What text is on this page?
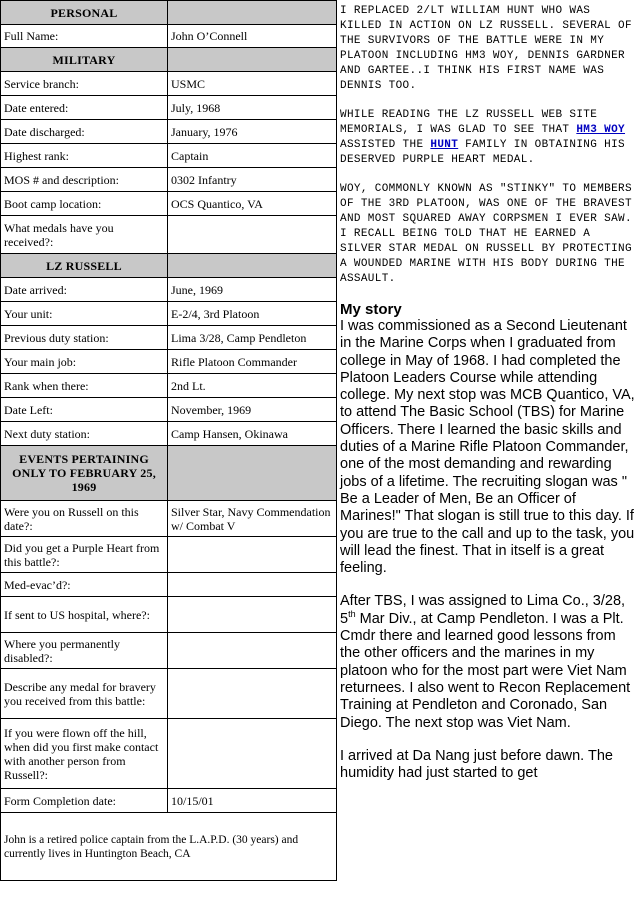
PERSONAL	
Full Name:	John O’Connell
MILITARY	
Service branch:	USMC
Date entered:	July, 1968
Date discharged:	January, 1976
Highest rank:	Captain
MOS # and description:	0302 Infantry
Boot camp location:	OCS Quantico, VA
What medals have you received?:	
LZ RUSSELL	
Date arrived:	June, 1969
Your unit:	E-2/4, 3rd Platoon
Previous duty station:	Lima 3/28, Camp Pendleton
Your main job:	Rifle Platoon Commander
Rank when there:	2nd Lt.
Date Left:	November, 1969
Next duty station:	Camp Hansen, Okinawa
EVENTS PERTAINING ONLY TO FEBRUARY 25, 1969	
Were you on Russell on this date?:	Silver Star, Navy Commendation w/ Combat V
Did you get a Purple Heart from this battle?:	
Med-evac’d?:	
If sent to US hospital, where?:	
Where you permanently disabled?:	
Describe any medal for bravery you received from this battle:	
If you were flown off the hill, when did you first make contact with another person from Russell?:	
Form Completion date:	10/15/01
John is a retired police captain from the L.A.P.D. (30 years) and currently lives in Huntington Beach, CA	

I REPLACED 2/LT WILLIAM HUNT WHO WAS KILLED IN ACTION ON LZ RUSSELL. SEVERAL OF THE SURVIVORS OF THE BATTLE WERE IN MY PLATOON INCLUDING HM3 WOY, DENNIS GARDNER AND GARTEE..I THINK HIS FIRST NAME WAS DENNIS TOO.

WHILE READING THE LZ RUSSELL WEB SITE MEMORIALS, I WAS GLAD TO SEE THAT HM3 WOY ASSISTED THE HUNT FAMILY IN OBTAINING HIS DESERVED PURPLE HEART MEDAL.

WOY, COMMONLY KNOWN AS "STINKY" TO MEMBERS OF THE 3RD PLATOON, WAS ONE OF THE BRAVEST AND MOST SQUARED AWAY CORPSMEN I EVER SAW. I RECALL BEING TOLD THAT HE EARNED A SILVER STAR MEDAL ON RUSSELL BY PROTECTING A WOUNDED MARINE WITH HIS BODY DURING THE ASSAULT.

My story

I was commissioned as a Second Lieutenant in the Marine Corps when I graduated from college in May of 1968. I had completed the Platoon Leaders Course while attending college. My next stop was MCB Quantico, VA, to attend The Basic School (TBS) for Marine Officers. There I learned the basic skills and duties of a Marine Rifle Platoon Commander, one of the most demanding and rewarding jobs of a lifetime. The recruiting slogan was " Be a Leader of Men, Be an Officer of Marines!" That slogan is still true to this day. If you are true to the call and up to the task, you will lead the finest. That in itself is a great feeling.

After TBS, I was assigned to Lima Co., 3/28, 5th Mar Div., at Camp Pendleton. I was a Plt. Cmdr there and learned good lessons from the other officers and the marines in my platoon who for the most part were Viet Nam returnees. I also went to Recon Replacement Training at Pendleton and Coronado, San Diego. The next stop was Viet Nam.

I arrived at Da Nang just before dawn. The humidity had just started to get
